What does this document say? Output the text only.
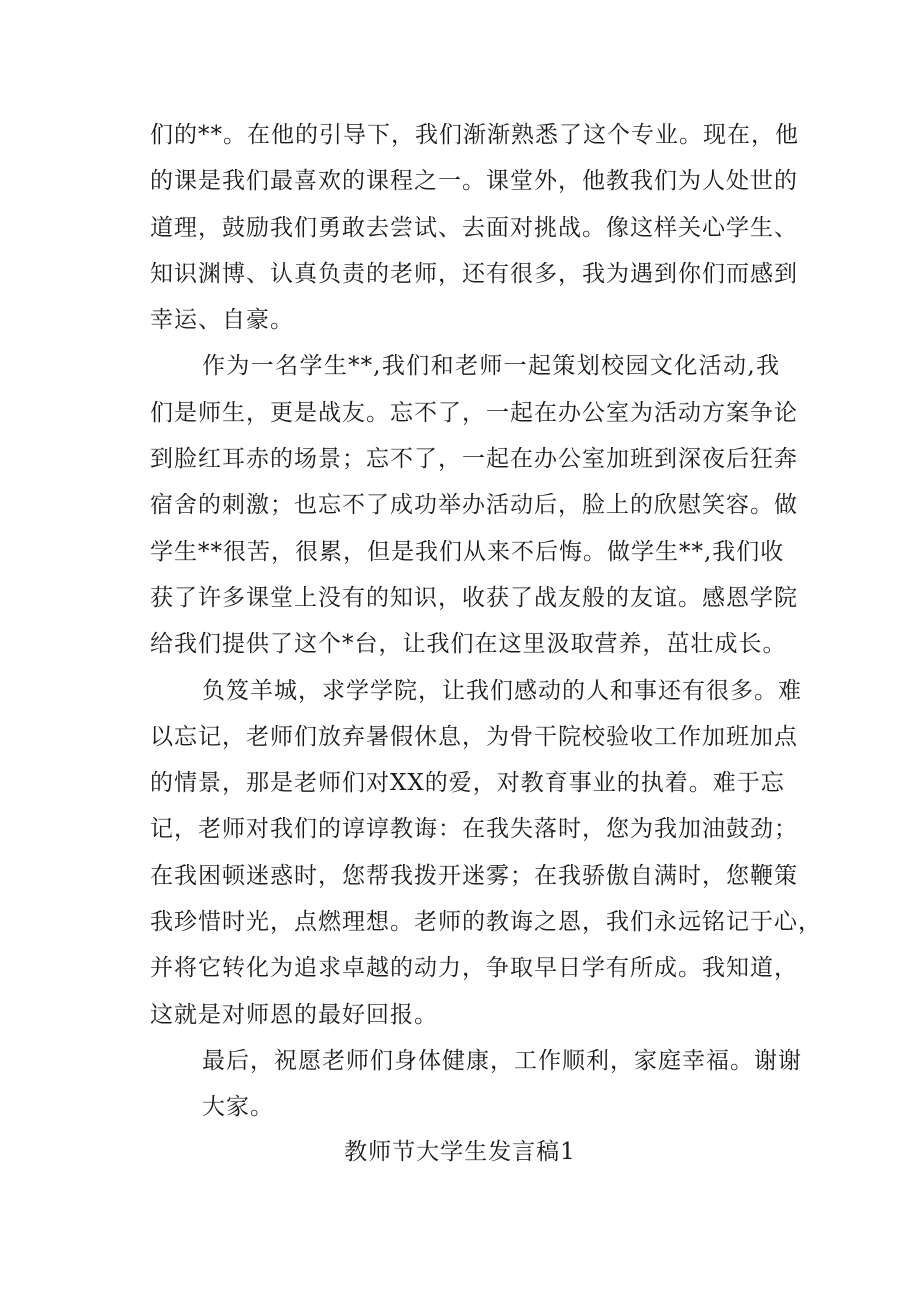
们的**。在他的引导下，我们渐渐熟悉了这个专业。现在，他
的课是我们最喜欢的课程之一。课堂外，他教我们为人处世的
道理，鼓励我们勇敢去尝试、去面对挑战。像这样关心学生、
知识渊博、认真负责的老师，还有很多，我为遇到你们而感到
幸运、自豪。
作为一名学生**,我们和老师一起策划校园文化活动,我
们是师生，更是战友。忘不了，一起在办公室为活动方案争论
到脸红耳赤的场景；忘不了，一起在办公室加班到深夜后狂奔
宿舍的刺激；也忘不了成功举办活动后，脸上的欣慰笑容。做
学生**很苦，很累，但是我们从来不后悔。做学生**,我们收
获了许多课堂上没有的知识，收获了战友般的友谊。感恩学院
给我们提供了这个*台，让我们在这里汲取营养，茁壮成长。
负笈羊城，求学学院，让我们感动的人和事还有很多。难
以忘记，老师们放弃暑假休息，为骨干院校验收工作加班加点
的情景，那是老师们对XX的爱，对教育事业的执着。难于忘
记，老师对我们的谆谆教诲：在我失落时，您为我加油鼓劲；
在我困顿迷惑时，您帮我拨开迷雾；在我骄傲自满时，您鞭策
我珍惜时光，点燃理想。老师的教诲之恩，我们永远铭记于心，
并将它转化为追求卓越的动力，争取早日学有所成。我知道，
这就是对师恩的最好回报。
最后，祝愿老师们身体健康，工作顺利，家庭幸福。谢谢
大家。
教师节大学生发言稿1
